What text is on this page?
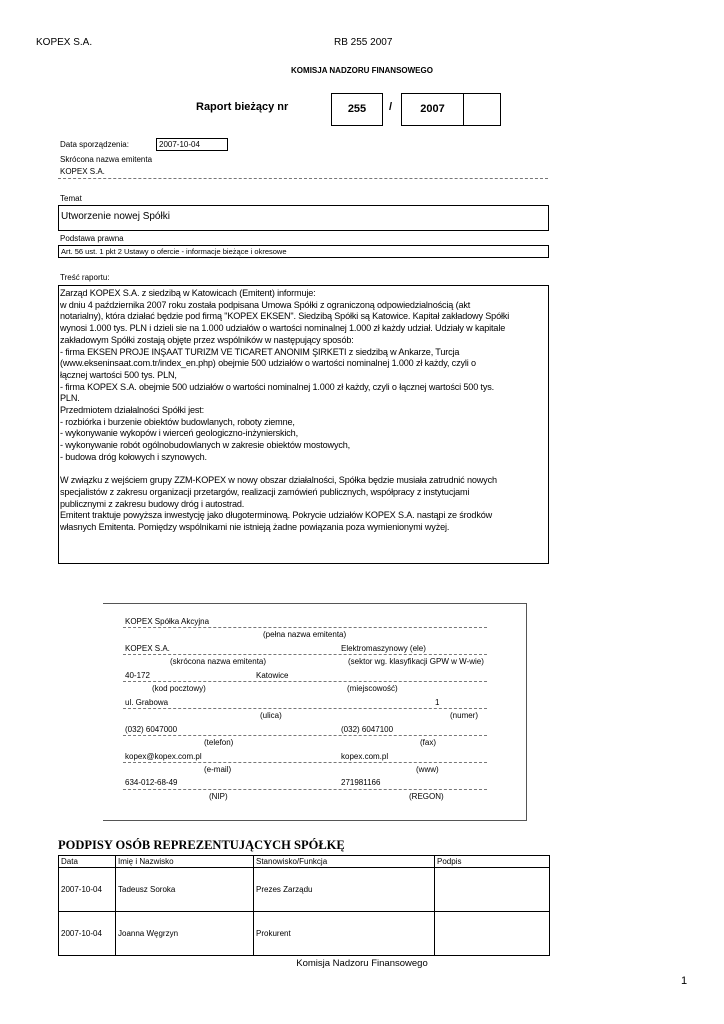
KOPEX S.A.	RB 255 2007
KOMISJA NADZORU FINANSOWEGO
Raport bieżący nr	255	/	2007
Data sporządzenia:	2007-10-04
Skrócona nazwa emitenta
KOPEX S.A.
Temat
Utworzenie nowej Spółki
Podstawa prawna
Art. 56 ust. 1 pkt 2 Ustawy o ofercie - informacje bieżące i okresowe
Treść raportu:
Zarząd KOPEX S.A. z siedzibą w Katowicach (Emitent) informuje:
w dniu 4 października 2007 roku została podpisana Umowa Spółki z ograniczoną odpowiedzialnością (akt
notarialny), która działać będzie pod firmą "KOPEX EKSEN". Siedzibą Spółki są Katowice. Kapitał zakładowy Spółki
wynosi 1.000 tys. PLN i dzieli sie na 1.000 udziałów o wartości nominalnej 1.000 zł każdy udział. Udziały w kapitale
zakładowym Spółki zostają objęte przez wspólników w następujący sposób:
- firma EKSEN PROJE INŞAAT TURIZM VE TICARET ANONIM ŞIRKETI z siedzibą w Ankarze, Turcja
(www.ekseninsaat.com.tr/index_en.php) obejmie 500 udziałów o wartości nominalnej 1.000 zł każdy, czyli o
łącznej wartości 500 tys. PLN,
- firma KOPEX S.A. obejmie 500 udziałów o wartości nominalnej 1.000 zł każdy, czyli o łącznej wartości 500 tys.
PLN.
Przedmiotem działalności Spółki jest:
- rozbiórka i burzenie obiektów budowlanych, roboty ziemne,
- wykonywanie wykopów i wierceń geologiczno-inżynierskich,
- wykonywanie robót ogólnobudowlanych w zakresie obiektów mostowych,
- budowa dróg kołowych i szynowych.
W związku z wejściem grupy ZZM-KOPEX w nowy obszar działalności, Spółka będzie musiała zatrudnić nowych
specjalistów z zakresu organizacji przetargów, realizacji zamówień publicznych, współpracy z instytucjami
publicznymi z zakresu budowy dróg i autostrad.
Emitent traktuje powyższa inwestycję jako długoterminową. Pokrycie udziałów KOPEX S.A. nastąpi ze środków
własnych Emitenta. Pomiędzy wspólnikami nie istnieją żadne powiązania poza wymienionymi wyżej.
KOPEX Spółka Akcyjna
(pełna nazwa emitenta)
KOPEX S.A.	Elektromaszynowy (ele)
(skrócona nazwa emitenta)	(sektor wg. klasyfikacji GPW w W-wie)
40-172	Katowice
(kod pocztowy)	(miejscowość)
ul. Grabowa	1
(ulica)	(numer)
(032) 6047000	(032) 6047100
(telefon)	(fax)
kopex@kopex.com.pl	kopex.com.pl
(e-mail)	(www)
634-012-68-49	271981166
(NIP)	(REGON)
PODPISY OSÓB REPREZENTUJĄCYCH SPÓŁKĘ
Data	Imię i Nazwisko	Stanowisko/Funkcja	Podpis
2007-10-04	Tadeusz Soroka	Prezes Zarządu
2007-10-04	Joanna Węgrzyn	Prokurent
Komisja Nadzoru Finansowego
1
